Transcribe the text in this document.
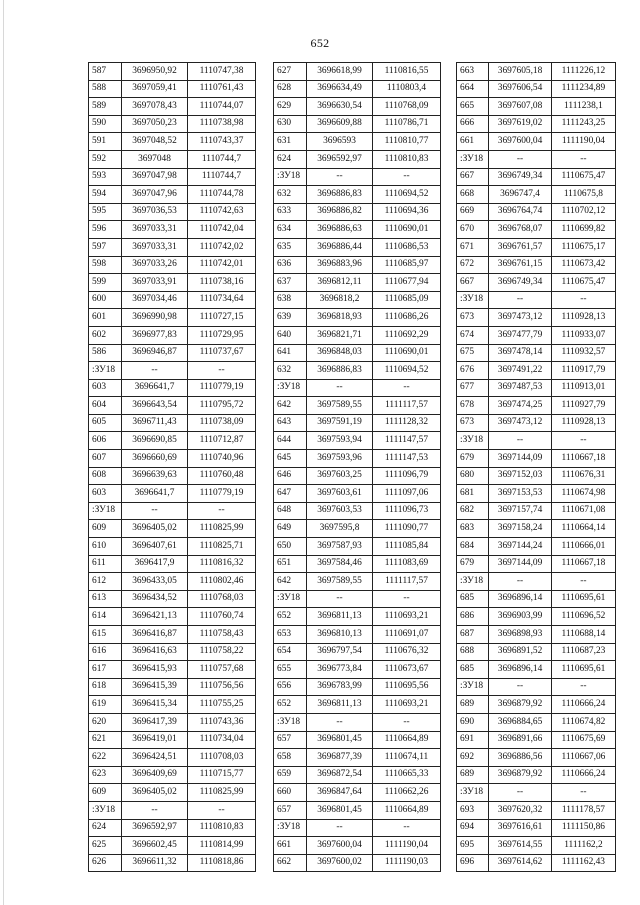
652
587	3696950,92	1110747,38
588	3697059,41	1110761,43
589	3697078,43	1110744,07
590	3697050,23	1110738,98
591	3697048,52	1110743,37
592	3697048	1110744,7
593	3697047,98	1110744,7
594	3697047,96	1110744,78
595	3697036,53	1110742,63
596	3697033,31	1110742,04
597	3697033,31	1110742,02
598	3697033,26	1110742,01
599	3697033,91	1110738,16
600	3697034,46	1110734,64
601	3696990,98	1110727,15
602	3696977,83	1110729,95
586	3696946,87	1110737,67
:ЗУ18	--	--
603	3696641,7	1110779,19
604	3696643,54	1110795,72
605	3696711,43	1110738,09
606	3696690,85	1110712,87
607	3696660,69	1110740,96
608	3696639,63	1110760,48
603	3696641,7	1110779,19
:ЗУ18	--	--
609	3696405,02	1110825,99
610	3696407,61	1110825,71
611	3696417,9	1110816,32
612	3696433,05	1110802,46
613	3696434,52	1110768,03
614	3696421,13	1110760,74
615	3696416,87	1110758,43
616	3696416,63	1110758,22
617	3696415,93	1110757,68
618	3696415,39	1110756,56
619	3696415,34	1110755,25
620	3696417,39	1110743,36
621	3696419,01	1110734,04
622	3696424,51	1110708,03
623	3696409,69	1110715,77
609	3696405,02	1110825,99
:ЗУ18	--	--
624	3696592,97	1110810,83
625	3696602,45	1110814,99
626	3696611,32	1110818,86
627	3696618,99	1110816,55
628	3696634,49	1110803,4
629	3696630,54	1110768,09
630	3696609,88	1110786,71
631	3696593	1110810,77
624	3696592,97	1110810,83
:ЗУ18	--	--
632	3696886,83	1110694,52
633	3696886,82	1110694,36
634	3696886,63	1110690,01
635	3696886,44	1110686,53
636	3696883,96	1110685,97
637	3696812,11	1110677,94
638	3696818,2	1110685,09
639	3696818,93	1110686,26
640	3696821,71	1110692,29
641	3696848,03	1110690,01
632	3696886,83	1110694,52
:ЗУ18	--	--
642	3697589,55	1111117,57
643	3697591,19	1111128,32
644	3697593,94	1111147,57
645	3697593,96	1111147,53
646	3697603,25	1111096,79
647	3697603,61	1111097,06
648	3697603,53	1111096,73
649	3697595,8	1111090,77
650	3697587,93	1111085,84
651	3697584,46	1111083,69
642	3697589,55	1111117,57
:ЗУ18	--	--
652	3696811,13	1110693,21
653	3696810,13	1110691,07
654	3696797,54	1110676,32
655	3696773,84	1110673,67
656	3696783,99	1110695,56
652	3696811,13	1110693,21
:ЗУ18	--	--
657	3696801,45	1110664,89
658	3696877,39	1110674,11
659	3696872,54	1110665,33
660	3696847,64	1110662,26
657	3696801,45	1110664,89
:ЗУ18	--	--
661	3697600,04	1111190,04
662	3697600,02	1111190,03
663	3697605,18	1111226,12
664	3697606,54	1111234,89
665	3697607,08	1111238,1
666	3697619,02	1111243,25
661	3697600,04	1111190,04
:ЗУ18	--	--
667	3696749,34	1110675,47
668	3696747,4	1110675,8
669	3696764,74	1110702,12
670	3696768,07	1110699,82
671	3696761,57	1110675,17
672	3696761,15	1110673,42
667	3696749,34	1110675,47
:ЗУ18	--	--
673	3697473,12	1110928,13
674	3697477,79	1110933,07
675	3697478,14	1110932,57
676	3697491,22	1110917,79
677	3697487,53	1110913,01
678	3697474,25	1110927,79
673	3697473,12	1110928,13
:ЗУ18	--	--
679	3697144,09	1110667,18
680	3697152,03	1110676,31
681	3697153,53	1110674,98
682	3697157,74	1110671,08
683	3697158,24	1110664,14
684	3697144,24	1110666,01
679	3697144,09	1110667,18
:ЗУ18	--	--
685	3696896,14	1110695,61
686	3696903,99	1110696,52
687	3696898,93	1110688,14
688	3696891,52	1110687,23
685	3696896,14	1110695,61
:ЗУ18	--	--
689	3696879,92	1110666,24
690	3696884,65	1110674,82
691	3696891,66	1110675,69
692	3696886,56	1110667,06
689	3696879,92	1110666,24
:ЗУ18	--	--
693	3697620,32	1111178,57
694	3697616,61	1111150,86
695	3697614,55	1111162,2
696	3697614,62	1111162,43
